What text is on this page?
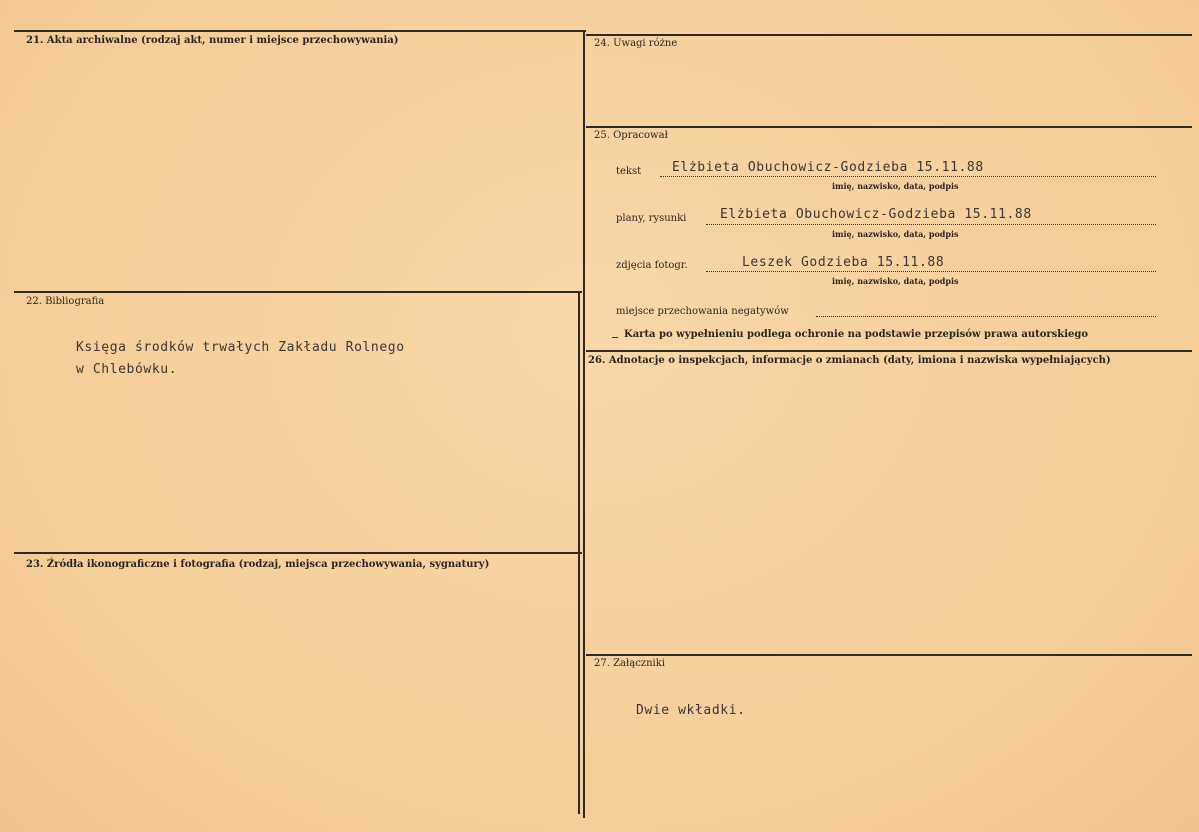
21. Akta archiwalne (rodzaj akt, numer i miejsce przechowywania)
22. Bibliografia
Księga środków trwałych Zakładu Rolnego
w Chlebówku.
23. Źródła ikonograficzne i fotografia (rodzaj, miejsca przechowywania, sygnatury)
24. Uwagi różne
25. Opracował
tekst Elżbieta Obuchowicz-Godzieba 15.11.88
imię, nazwisko, data, podpis
plany, rysunki	Elżbieta Obuchowicz-Godzieba 15.11.88
imię, nazwisko, data, podpis
zdjęcia fotogr.	Leszek Godzieba 15.11.88
imię, nazwisko, data, podpis
miejsce przechowania negatywów
Karta po wypełnieniu podlega ochronie na podstawie przepisów prawa autorskiego
26. Adnotacje o inspekcjach, informacje o zmianach (daty, imiona i nazwiska wypełniających)
27. Załączniki
Dwie wkładki.
